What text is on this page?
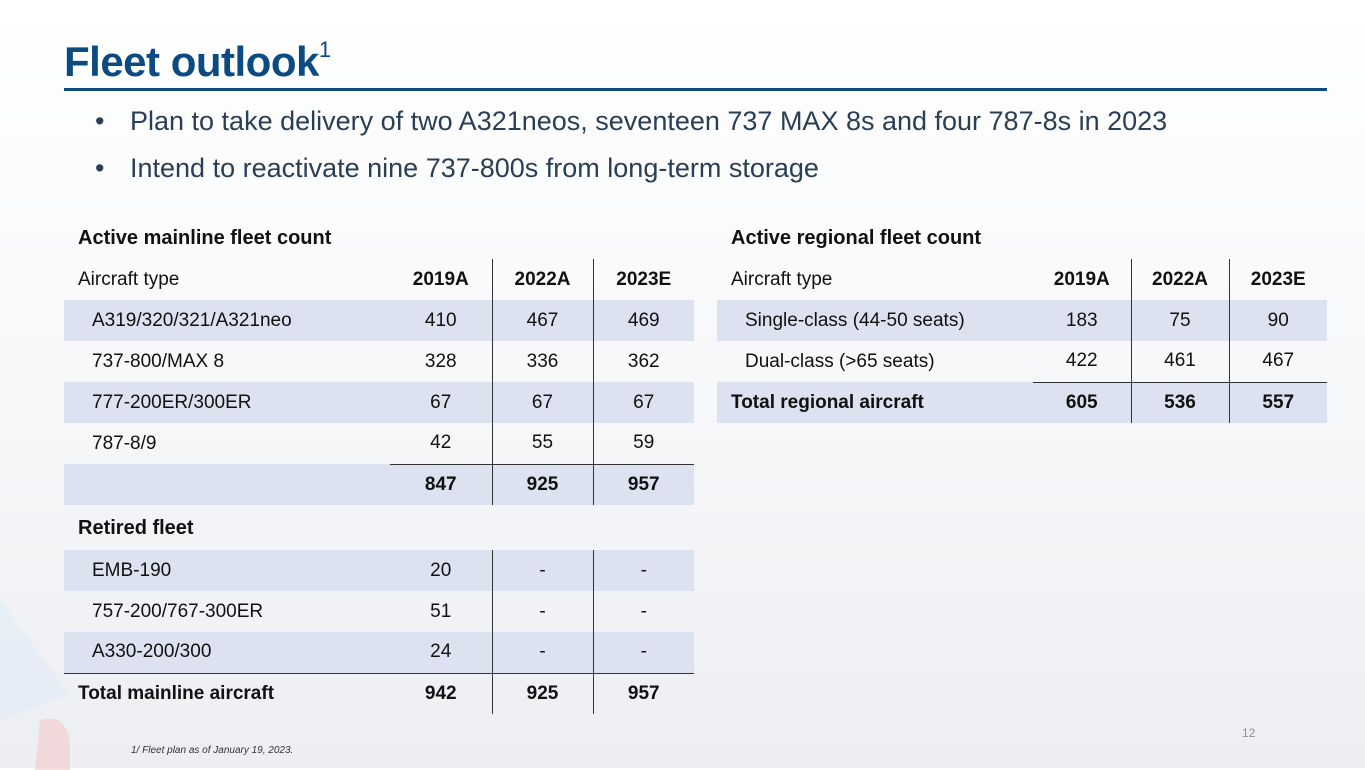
Fleet outlook$^1$
• Plan to take delivery of two A321neos, seventeen 737 MAX 8s and four 787-8s in 2023
• Intend to reactivate nine 737-800s from long-term storage
Active mainline fleet count
Aircraft type	2019A	2022A	2023E
A319/320/321/A321neo	410	467	469
737-800/MAX 8	328	336	362
777-200ER/300ER	67	67	67
787-8/9	42	55	59
	847	925	957
Retired fleet
EMB-190	20	-	-
757-200/767-300ER	51	-	-
A330-200/300	24	-	-
Total mainline aircraft	942	925	957
Active regional fleet count
Aircraft type	2019A	2022A	2023E
Single-class (44-50 seats)	183	75	90
Dual-class (>65 seats)	422	461	467
Total regional aircraft	605	536	557
12
1/ Fleet plan as of January 19, 2023.
